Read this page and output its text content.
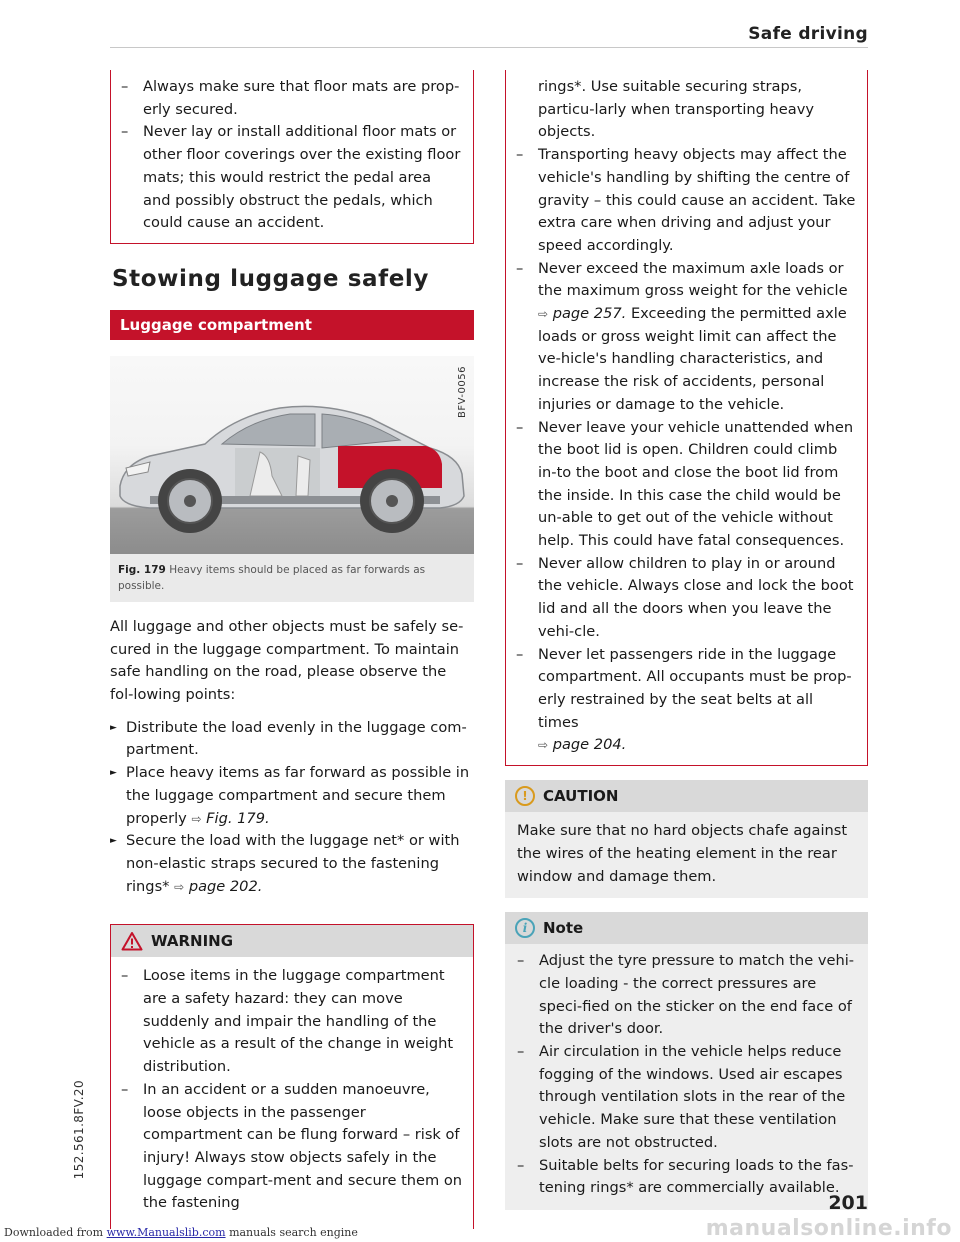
Safe driving
– Always make sure that floor mats are prop-erly secured.
– Never lay or install additional floor mats or other floor coverings over the existing floor mats; this would restrict the pedal area and possibly obstruct the pedals, which could cause an accident.
Stowing luggage safely
Luggage compartment
BFV-0056
Fig. 179 Heavy items should be placed as far forwards as possible.

All luggage and other objects must be safely se-cured in the luggage compartment. To maintain safe handling on the road, please observe the fol-lowing points:

► Distribute the load evenly in the luggage com-partment.
► Place heavy items as far forward as possible in the luggage compartment and secure them properly ⇨ Fig. 179.
► Secure the load with the luggage net* or with non-elastic straps secured to the fastening rings* ⇨ page 202.
WARNING
– Loose items in the luggage compartment are a safety hazard: they can move suddenly and impair the handling of the vehicle as a result of the change in weight distribution.
– In an accident or a sudden manoeuvre, loose objects in the passenger compartment can be flung forward – risk of injury! Always stow objects safely in the luggage compart-ment and secure them on the fastening

rings*. Use suitable securing straps, particu-larly when transporting heavy objects.

– Transporting heavy objects may affect the vehicle's handling by shifting the centre of gravity – this could cause an accident. Take extra care when driving and adjust your speed accordingly.
– Never exceed the maximum axle loads or the maximum gross weight for the vehicle ⇨ page 257. Exceeding the permitted axle loads or gross weight limit can affect the ve-hicle's handling characteristics, and increase the risk of accidents, personal injuries or damage to the vehicle.
– Never leave your vehicle unattended when the boot lid is open. Children could climb in-to the boot and close the boot lid from the inside. In this case the child would be un-able to get out of the vehicle without help. This could have fatal consequences.
– Never allow children to play in or around the vehicle. Always close and lock the boot lid and all the doors when you leave the vehi-cle.
– Never let passengers ride in the luggage compartment. All occupants must be prop-erly restrained by the seat belts at all times
⇨ page 204.
!	CAUTION

Make sure that no hard objects chafe against the wires of the heating element in the rear window and damage them.

i	Note
– Adjust the tyre pressure to match the vehi-cle loading - the correct pressures are speci-fied on the sticker on the end face of the driver's door.
– Air circulation in the vehicle helps reduce fogging of the windows. Used air escapes through ventilation slots in the rear of the vehicle. Make sure that these ventilation slots are not obstructed.
– Suitable belts for securing loads to the fas-tening rings* are commercially available.
152.561.8FV.20
201
Downloaded from www.Manualslib.com manuals search engine	manualsonline.info
